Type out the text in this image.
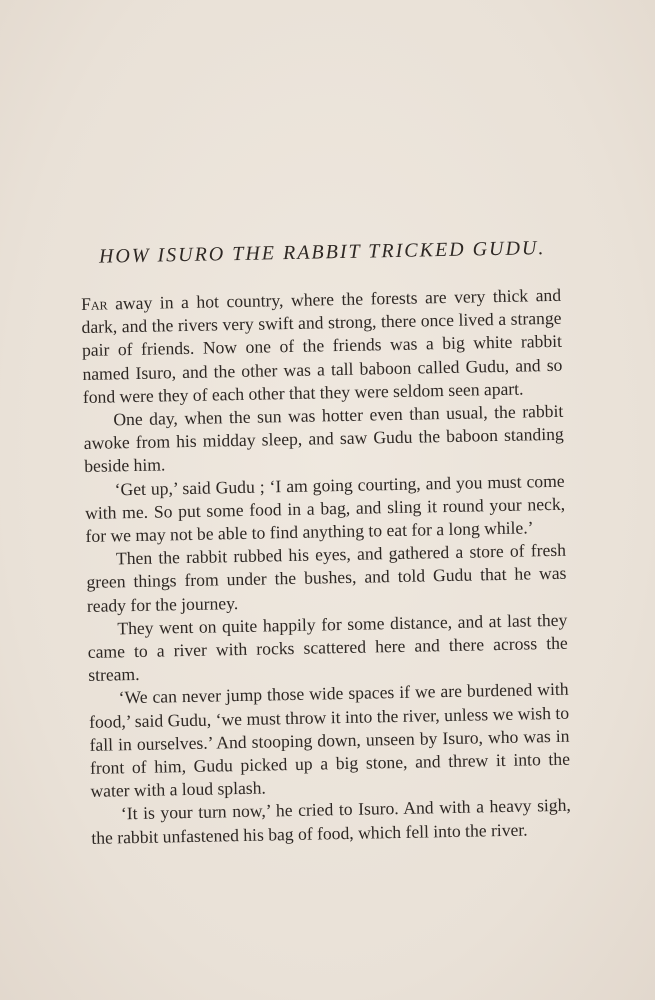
HOW ISURO THE RABBIT TRICKED GUDU.

Far away in a hot country, where the forests are very thick and dark, and the rivers very swift and strong, there once lived a strange pair of friends. Now one of the friends was a big white rabbit named Isuro, and the other was a tall baboon called Gudu, and so fond were they of each other that they were seldom seen apart.

One day, when the sun was hotter even than usual, the rabbit awoke from his midday sleep, and saw Gudu the baboon standing beside him.

‘Get up,’ said Gudu ; ‘I am going courting, and you must come with me. So put some food in a bag, and sling it round your neck, for we may not be able to find anything to eat for a long while.’

Then the rabbit rubbed his eyes, and gathered a store of fresh green things from under the bushes, and told Gudu that he was ready for the journey.

They went on quite happily for some distance, and at last they came to a river with rocks scattered here and there across the stream.

‘We can never jump those wide spaces if we are burdened with food,’ said Gudu, ‘we must throw it into the river, unless we wish to fall in ourselves.’ And stooping down, unseen by Isuro, who was in front of him, Gudu picked up a big stone, and threw it into the water with a loud splash.

‘It is your turn now,’ he cried to Isuro. And with a heavy sigh, the rabbit unfastened his bag of food, which fell into the river.
